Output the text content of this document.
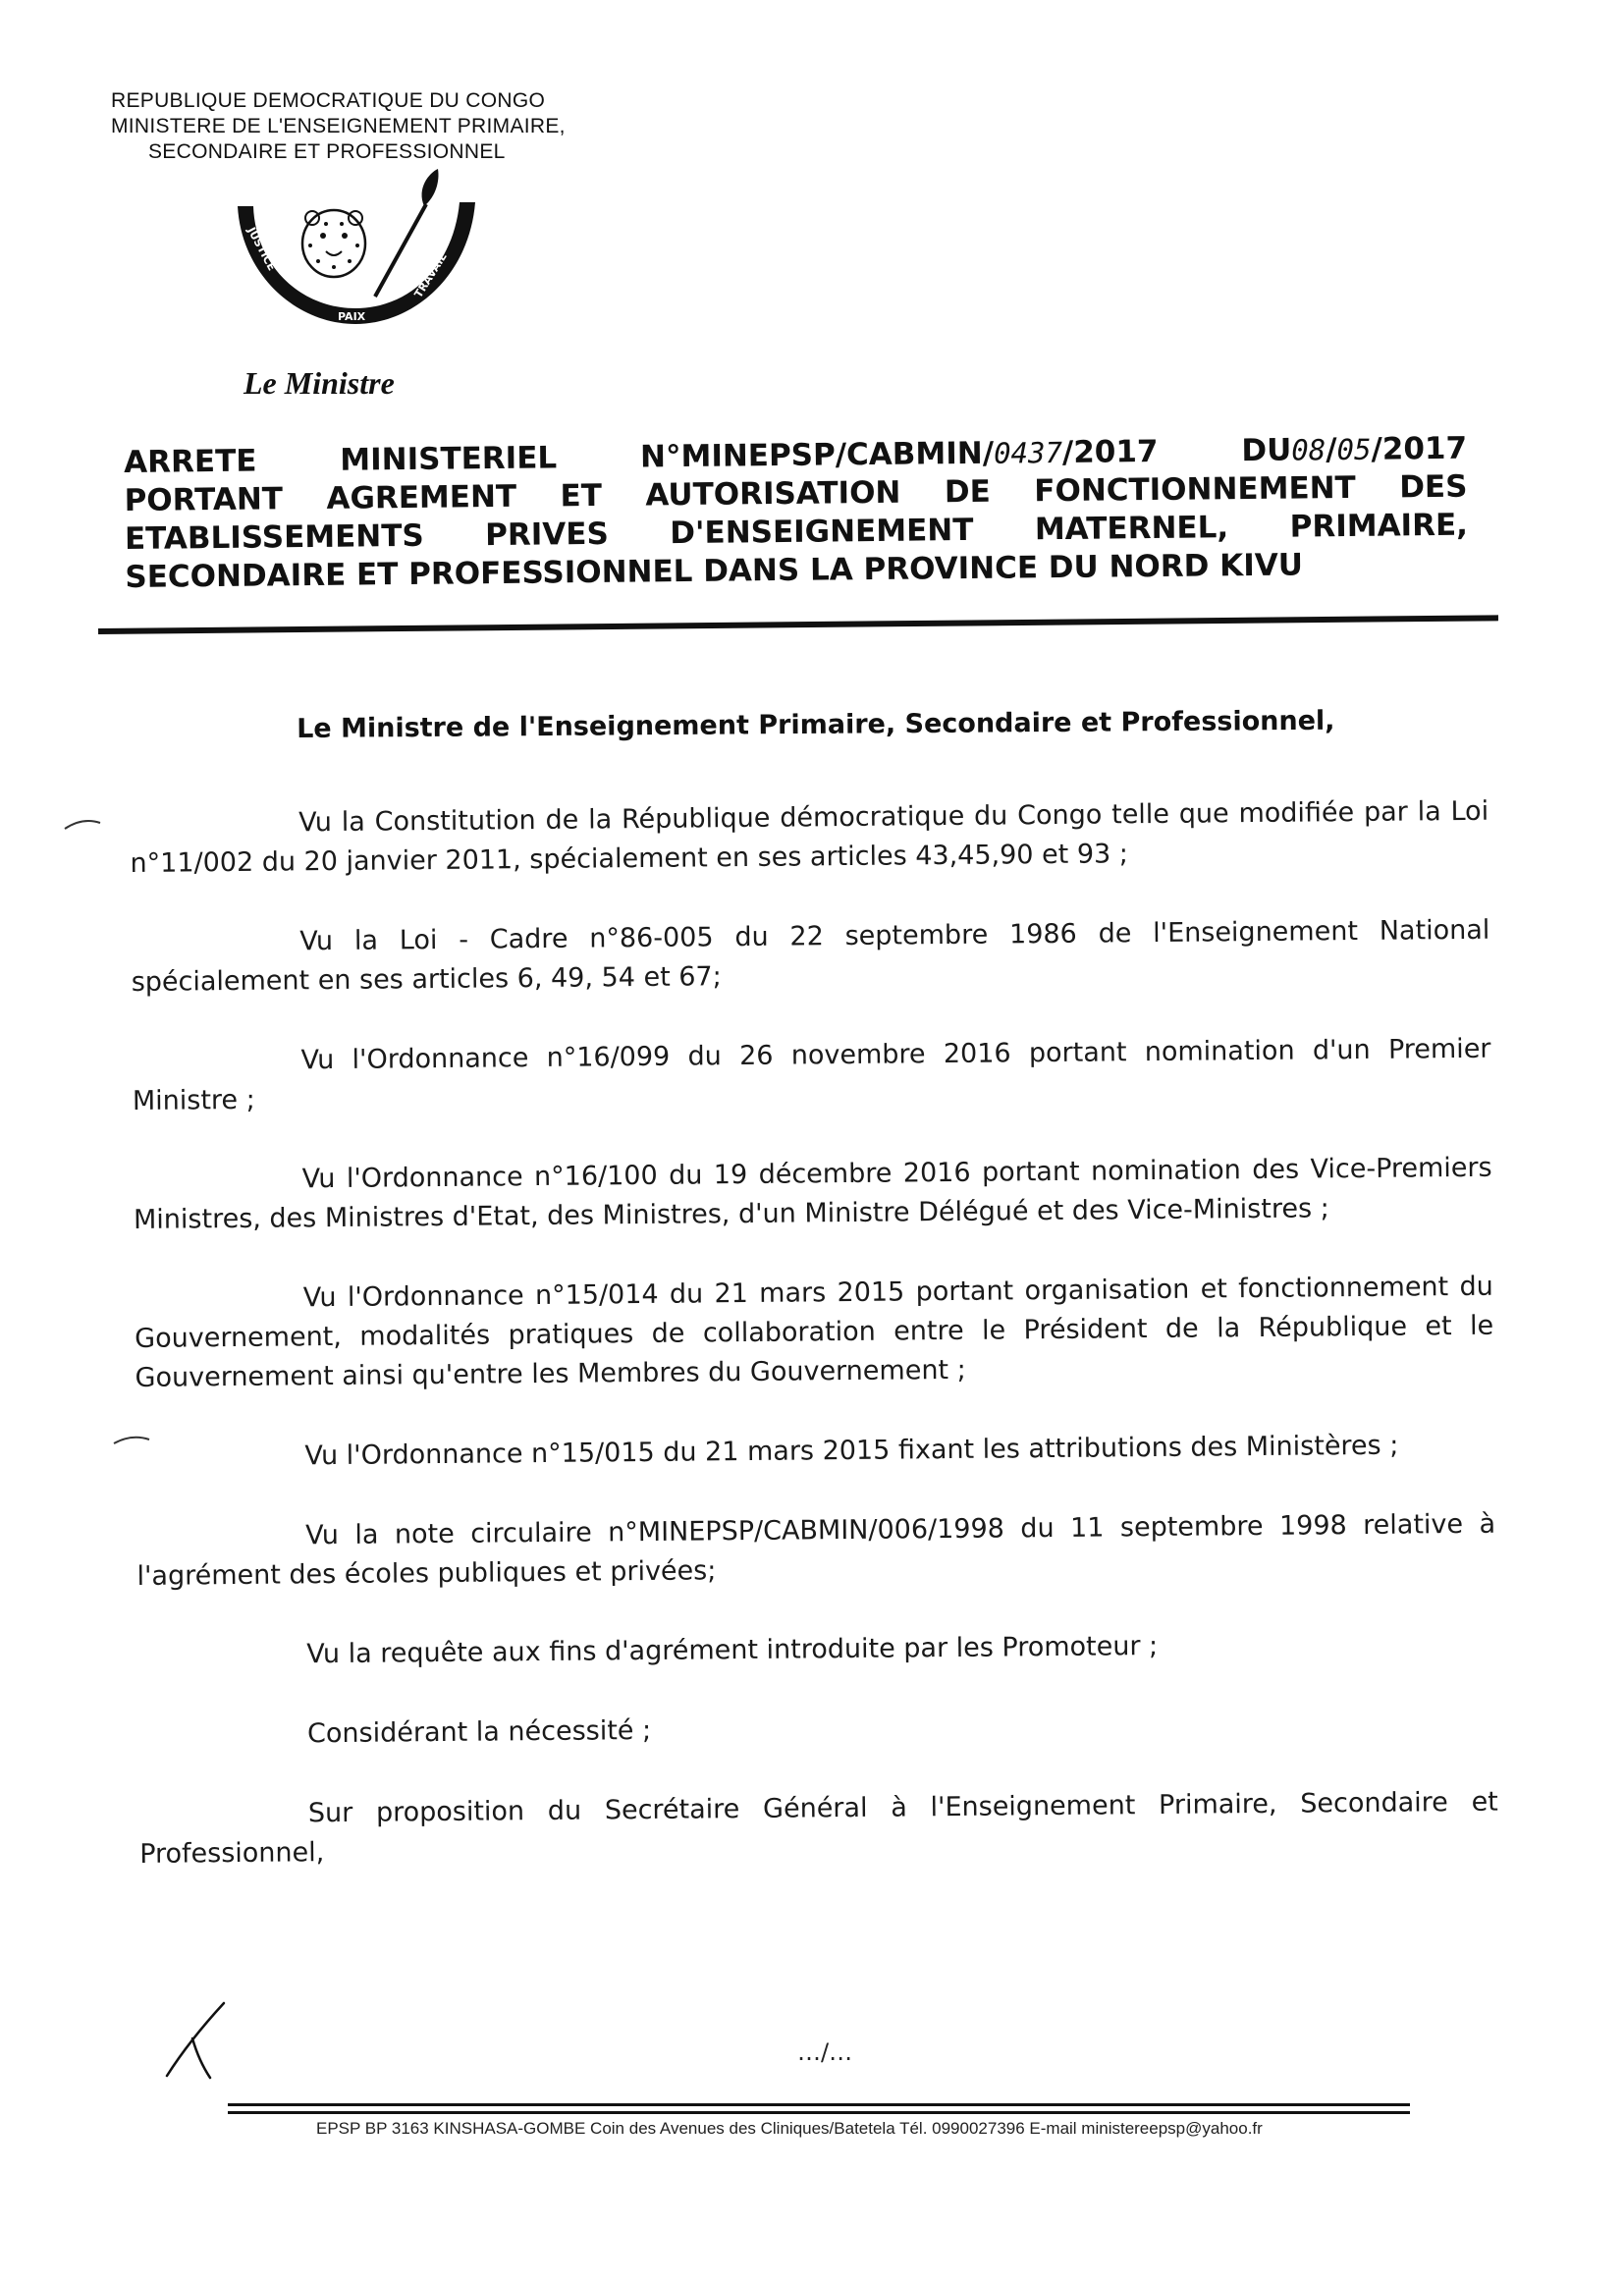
REPUBLIQUE DEMOCRATIQUE DU CONGO
MINISTERE DE L'ENSEIGNEMENT PRIMAIRE,
SECONDAIRE ET PROFESSIONNEL
JUSTICE
PAIX
TRAVAIL
Le Ministre
ARRETE	MINISTERIEL	N°MINEPSP/CABMIN/0437/2017	DU08/05/2017
PORTANT AGREMENT ET AUTORISATION DE FONCTIONNEMENT DES
ETABLISSEMENTS PRIVES D'ENSEIGNEMENT MATERNEL, PRIMAIRE,
SECONDAIRE ET PROFESSIONNEL DANS LA PROVINCE DU NORD KIVU
Le Ministre de l'Enseignement Primaire, Secondaire et Professionnel,

Vu la Constitution de la République démocratique du Congo telle que modifiée par la Loi n°11/002 du 20 janvier 2011, spécialement en ses articles 43,45,90 et 93 ;

Vu la Loi - Cadre n°86-005 du 22 septembre 1986 de l'Enseignement National spécialement en ses articles 6, 49, 54 et 67;

Vu l'Ordonnance n°16/099 du 26 novembre 2016 portant nomination d'un Premier Ministre ;

Vu l'Ordonnance n°16/100 du 19 décembre 2016 portant nomination des Vice-Premiers Ministres, des Ministres d'Etat, des Ministres, d'un Ministre Délégué et des Vice-Ministres ;

Vu l'Ordonnance n°15/014 du 21 mars 2015 portant organisation et fonctionnement du Gouvernement, modalités pratiques de collaboration entre le Président de la République et le Gouvernement ainsi qu'entre les Membres du Gouvernement ;

Vu l'Ordonnance n°15/015 du 21 mars 2015 fixant les attributions des Ministères ;

Vu la note circulaire n°MINEPSP/CABMIN/006/1998 du 11 septembre 1998 relative à l'agrément des écoles publiques et privées;

Vu la requête aux fins d'agrément introduite par les Promoteur ;

Considérant la nécessité ;

Sur proposition du Secrétaire Général à l'Enseignement Primaire, Secondaire et Professionnel,

…/…
EPSP BP 3163 KINSHASA-GOMBE Coin des Avenues des Cliniques/Batetela Tél. 0990027396 E-mail ministereepsp@yahoo.fr
